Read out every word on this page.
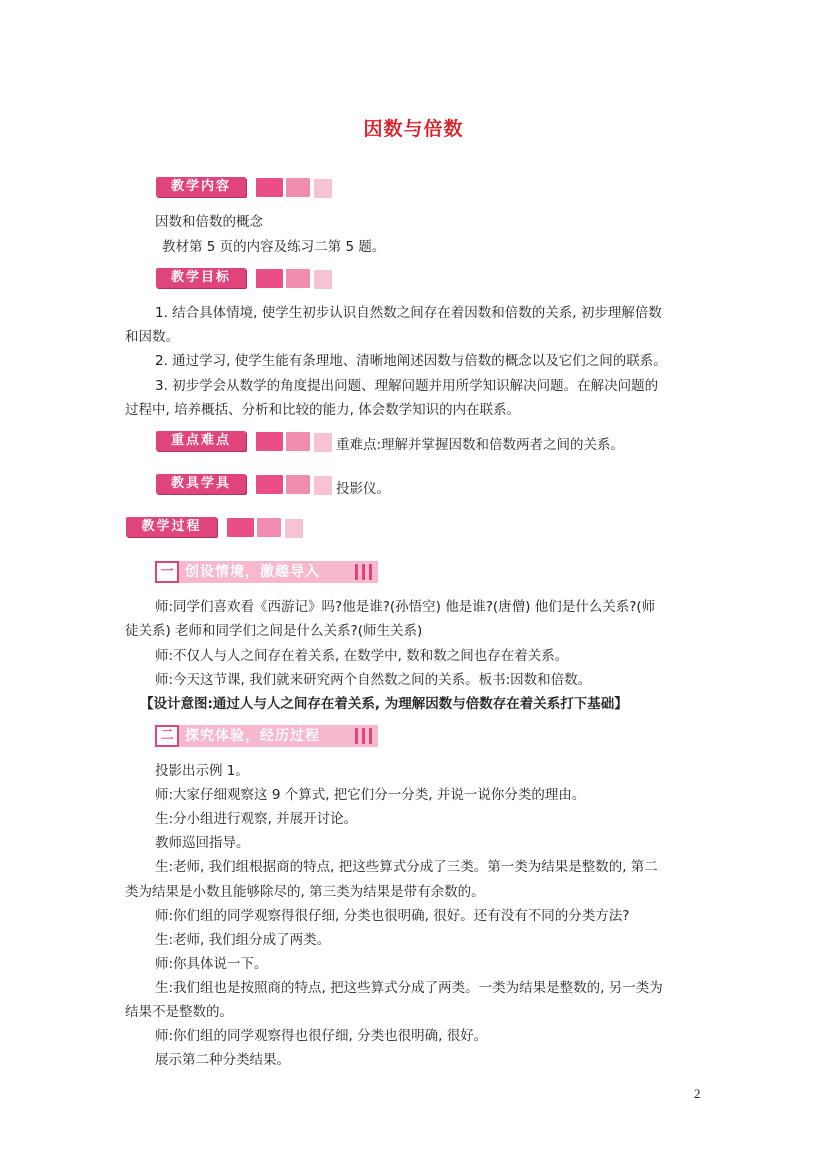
因数与倍数
教学内容
因数和倍数的概念
教材第 5 页的内容及练习二第 5 题。
教学目标
1. 结合具体情境, 使学生初步认识自然数之间存在着因数和倍数的关系, 初步理解倍数
和因数。
2. 通过学习, 使学生能有条理地、清晰地阐述因数与倍数的概念以及它们之间的联系。
3. 初步学会从数学的角度提出问题、理解问题并用所学知识解决问题。在解决问题的
过程中, 培养概括、分析和比较的能力, 体会数学知识的内在联系。
重点难点	重难点:理解并掌握因数和倍数两者之间的关系。
教具学具	投影仪。
教学过程
一 创设情境，激趣导入
师:同学们喜欢看《西游记》吗?他是谁?(孙悟空) 他是谁?(唐僧) 他们是什么关系?(师
徒关系) 老师和同学们之间是什么关系?(师生关系)
师:不仅人与人之间存在着关系, 在数学中, 数和数之间也存在着关系。
师:今天这节课, 我们就来研究两个自然数之间的关系。板书:因数和倍数。
【设计意图:通过人与人之间存在着关系, 为理解因数与倍数存在着关系打下基础】
二 探究体验，经历过程
投影出示例 1。
师:大家仔细观察这 9 个算式, 把它们分一分类, 并说一说你分类的理由。
生:分小组进行观察, 并展开讨论。
教师巡回指导。
生:老师, 我们组根据商的特点, 把这些算式分成了三类。第一类为结果是整数的, 第二
类为结果是小数且能够除尽的, 第三类为结果是带有余数的。
师:你们组的同学观察得很仔细, 分类也很明确, 很好。还有没有不同的分类方法?
生:老师, 我们组分成了两类。
师:你具体说一下。
生:我们组也是按照商的特点, 把这些算式分成了两类。一类为结果是整数的, 另一类为
结果不是整数的。
师:你们组的同学观察得也很仔细, 分类也很明确, 很好。
展示第二种分类结果。
2
